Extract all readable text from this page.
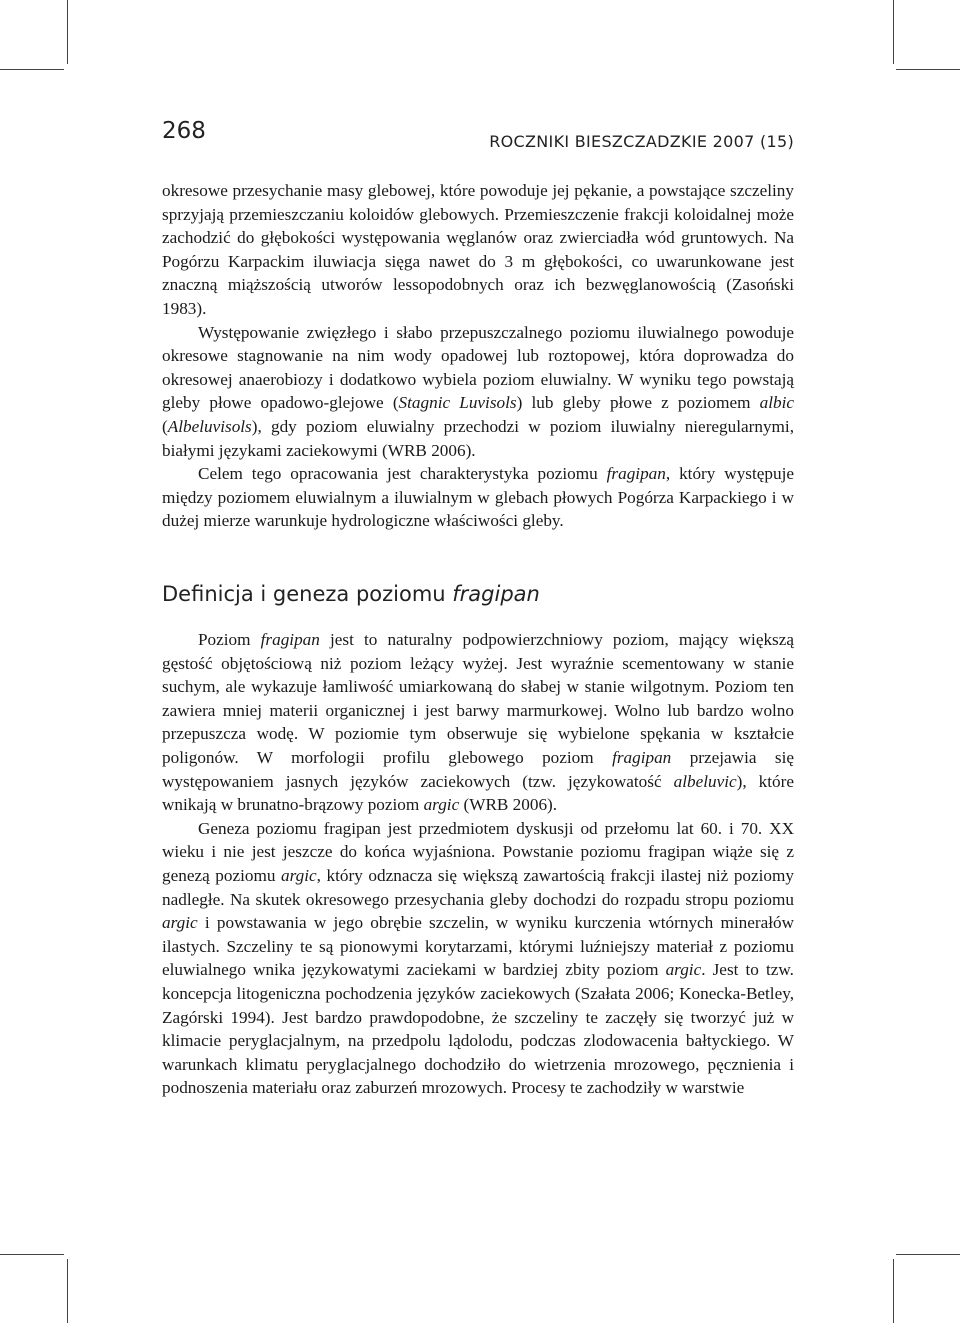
268	ROCZNIKI BIESZCZADZKIE 2007 (15)

okresowe przesychanie masy glebowej, które powoduje jej pękanie, a powstające szczeliny sprzyjają przemieszczaniu koloidów glebowych. Przemieszczenie frakcji koloidalnej może zachodzić do głębokości występowania węglanów oraz zwierciadła wód gruntowych. Na Pogórzu Karpackim iluwiacja sięga nawet do 3 m głębokości, co uwarunkowane jest znaczną miąższością utworów lessopodobnych oraz ich bezwęglanowością (Zasoński 1983).

Występowanie zwięzłego i słabo przepuszczalnego poziomu iluwialnego powoduje okresowe stagnowanie na nim wody opadowej lub roztopowej, która doprowadza do okresowej anaerobiozy i dodatkowo wybiela poziom eluwialny. W wyniku tego powstają gleby płowe opadowo-glejowe (Stagnic Luvisols) lub gleby płowe z poziomem albic (Albeluvisols), gdy poziom eluwialny przechodzi w poziom iluwialny nieregularnymi, białymi językami zaciekowymi (WRB 2006).

Celem tego opracowania jest charakterystyka poziomu fragipan, który występuje między poziomem eluwialnym a iluwialnym w glebach płowych Pogórza Karpackiego i w dużej mierze warunkuje hydrologiczne właściwości gleby.

Definicja i geneza poziomu fragipan

Poziom fragipan jest to naturalny podpowierzchniowy poziom, mający większą gęstość objętościową niż poziom leżący wyżej. Jest wyraźnie scementowany w stanie suchym, ale wykazuje łamliwość umiarkowaną do słabej w stanie wilgotnym. Poziom ten zawiera mniej materii organicznej i jest barwy marmurkowej. Wolno lub bardzo wolno przepuszcza wodę. W poziomie tym obserwuje się wybielone spękania w kształcie poligonów. W morfologii profilu glebowego poziom fragipan przejawia się występowaniem jasnych języków zaciekowych (tzw. językowatość albeluvic), które wnikają w brunatno-brązowy poziom argic (WRB 2006).

Geneza poziomu fragipan jest przedmiotem dyskusji od przełomu lat 60. i 70. XX wieku i nie jest jeszcze do końca wyjaśniona. Powstanie poziomu fragipan wiąże się z genezą poziomu argic, który odznacza się większą zawartością frakcji ilastej niż poziomy nadległe. Na skutek okresowego przesychania gleby dochodzi do rozpadu stropu poziomu argic i powstawania w jego obrębie szczelin, w wyniku kurczenia wtórnych minerałów ilastych. Szczeliny te są pionowymi korytarzami, którymi luźniejszy materiał z poziomu eluwialnego wnika językowatymi zaciekami w bardziej zbity poziom argic. Jest to tzw. koncepcja litogeniczna pochodzenia języków zaciekowych (Szałata 2006; Konecka-Betley, Zagórski 1994). Jest bardzo prawdopodobne, że szczeliny te zaczęły się tworzyć już w klimacie peryglacjalnym, na przedpolu lądolodu, podczas zlodowacenia bałtyckiego. W warunkach klimatu peryglacjalnego dochodziło do wietrzenia mrozowego, pęcznienia i podnoszenia materiału oraz zaburzeń mrozowych. Procesy te zachodziły w warstwie
